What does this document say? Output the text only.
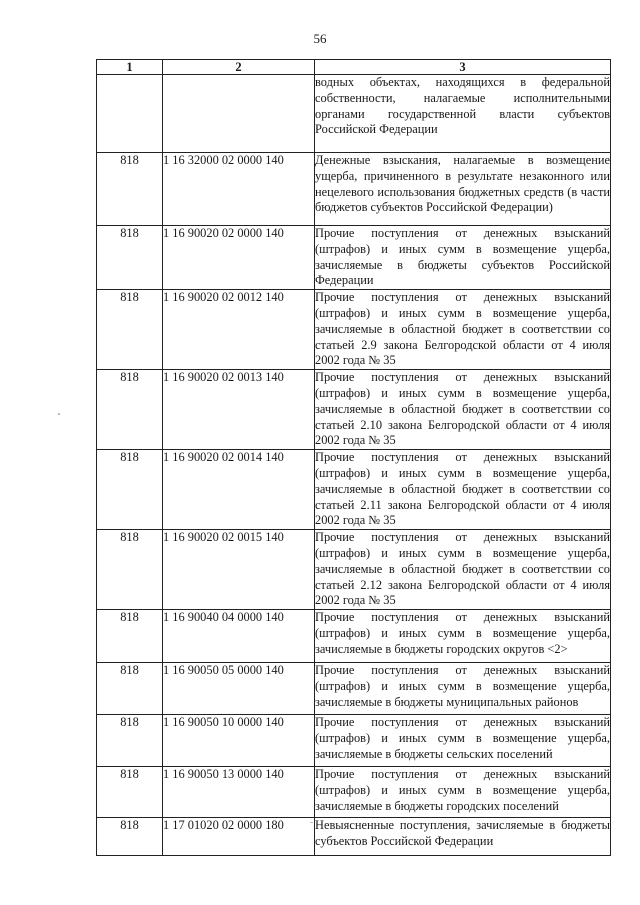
56
1	2	3
		водных объектах, находящихся в федеральной собственности, налагаемые исполнительными органами государственной власти субъектов Российской Федерации
818	1 16 32000 02 0000 140	Денежные взыскания, налагаемые в возмещение ущерба, причиненного в результате незаконного или нецелевого использования бюджетных средств (в части бюджетов субъектов Российской Федерации)
818	1 16 90020 02 0000 140	Прочие поступления от денежных взысканий (штрафов) и иных сумм в возмещение ущерба, зачисляемые в бюджеты субъектов Российской Федерации
818	1 16 90020 02 0012 140	Прочие поступления от денежных взысканий (штрафов) и иных сумм в возмещение ущерба, зачисляемые в областной бюджет в соответствии со статьей 2.9 закона Белгородской области от 4 июля 2002 года № 35
818	1 16 90020 02 0013 140	Прочие поступления от денежных взысканий (штрафов) и иных сумм в возмещение ущерба, зачисляемые в областной бюджет в соответствии со статьей 2.10 закона Белгородской области от 4 июля 2002 года № 35
818	1 16 90020 02 0014 140	Прочие поступления от денежных взысканий (штрафов) и иных сумм в возмещение ущерба, зачисляемые в областной бюджет в соответствии со статьей 2.11 закона Белгородской области от 4 июля 2002 года № 35
818	1 16 90020 02 0015 140	Прочие поступления от денежных взысканий (штрафов) и иных сумм в возмещение ущерба, зачисляемые в областной бюджет в соответствии со статьей 2.12 закона Белгородской области от 4 июля 2002 года № 35
818	1 16 90040 04 0000 140	Прочие поступления от денежных взысканий (штрафов) и иных сумм в возмещение ущерба, зачисляемые в бюджеты городских округов <2>
818	1 16 90050 05 0000 140	Прочие поступления от денежных взысканий (штрафов) и иных сумм в возмещение ущерба, зачисляемые в бюджеты муниципальных районов
818	1 16 90050 10 0000 140	Прочие поступления от денежных взысканий (штрафов) и иных сумм в возмещение ущерба, зачисляемые в бюджеты сельских поселений
818	1 16 90050 13 0000 140	Прочие поступления от денежных взысканий (штрафов) и иных сумм в возмещение ущерба, зачисляемые в бюджеты городских поселений
818	1 17 01020 02 0000 180	Невыясненные поступления, зачисляемые в бюджеты субъектов Российской Федерации
